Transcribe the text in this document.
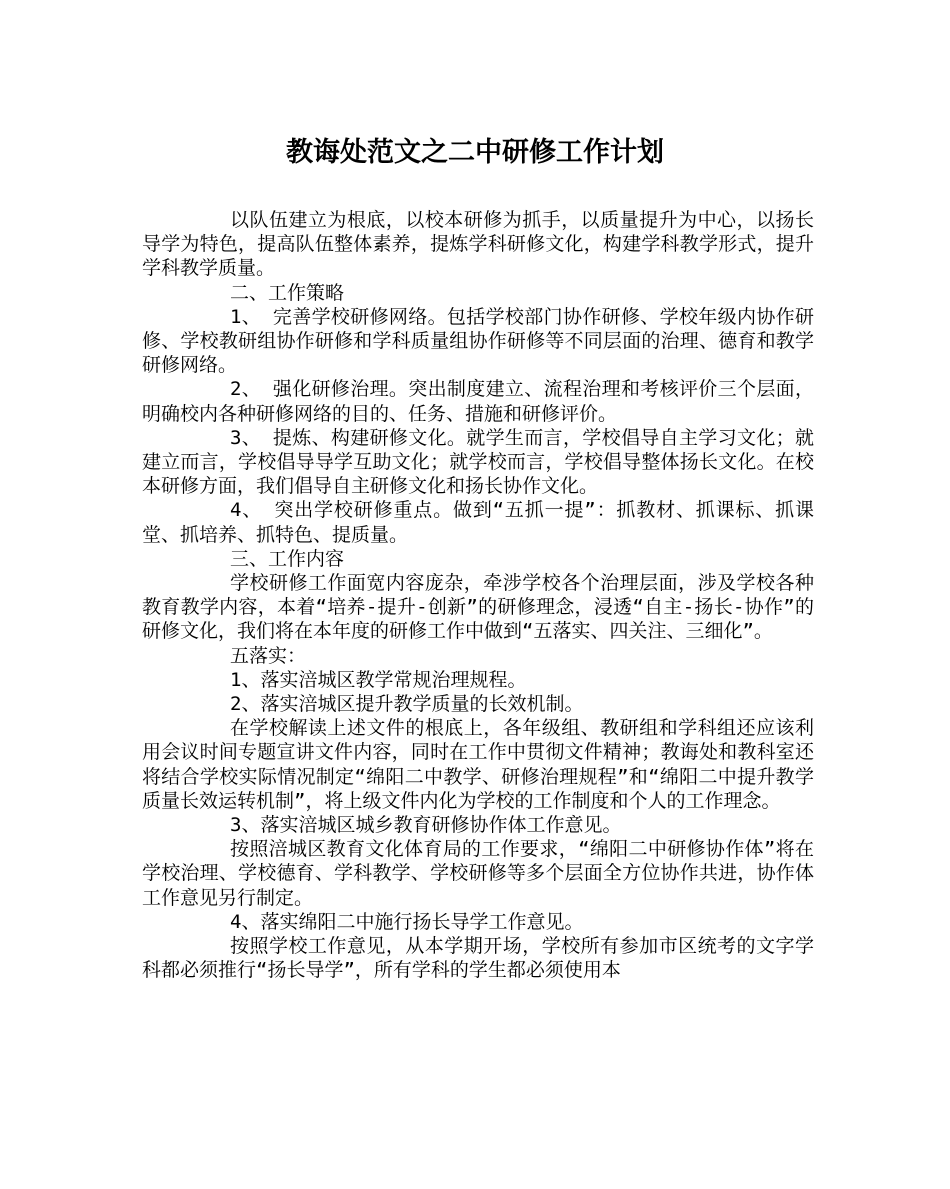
教诲处范文之二中研修工作计划

以队伍建立为根底，以校本研修为抓手，以质量提升为中心，以扬长导学为特色，提高队伍整体素养，提炼学科研修文化，构建学科教学形式，提升学科教学质量。

二、工作策略

1、 完善学校研修网络。包括学校部门协作研修、学校年级内协作研修、学校教研组协作研修和学科质量组协作研修等不同层面的治理、德育和教学研修网络。

2、 强化研修治理。突出制度建立、流程治理和考核评价三个层面，明确校内各种研修网络的目的、任务、措施和研修评价。

3、 提炼、构建研修文化。就学生而言，学校倡导自主学习文化；就建立而言，学校倡导导学互助文化；就学校而言，学校倡导整体扬长文化。在校本研修方面，我们倡导自主研修文化和扬长协作文化。

4、 突出学校研修重点。做到“五抓一提”：抓教材、抓课标、抓课堂、抓培养、抓特色、提质量。

三、工作内容

学校研修工作面宽内容庞杂，牵涉学校各个治理层面，涉及学校各种教育教学内容，本着“培养-提升-创新”的研修理念，浸透“自主-扬长-协作”的研修文化，我们将在本年度的研修工作中做到“五落实、四关注、三细化”。

五落实：

1、落实涪城区教学常规治理规程。

2、落实涪城区提升教学质量的长效机制。

在学校解读上述文件的根底上，各年级组、教研组和学科组还应该利用会议时间专题宣讲文件内容，同时在工作中贯彻文件精神；教诲处和教科室还将结合学校实际情况制定“绵阳二中教学、研修治理规程”和“绵阳二中提升教学质量长效运转机制”，将上级文件内化为学校的工作制度和个人的工作理念。

3、落实涪城区城乡教育研修协作体工作意见。

按照涪城区教育文化体育局的工作要求，“绵阳二中研修协作体”将在学校治理、学校德育、学科教学、学校研修等多个层面全方位协作共进，协作体工作意见另行制定。

4、落实绵阳二中施行扬长导学工作意见。

按照学校工作意见，从本学期开场，学校所有参加市区统考的文字学科都必须推行“扬长导学”，所有学科的学生都必须使用本
